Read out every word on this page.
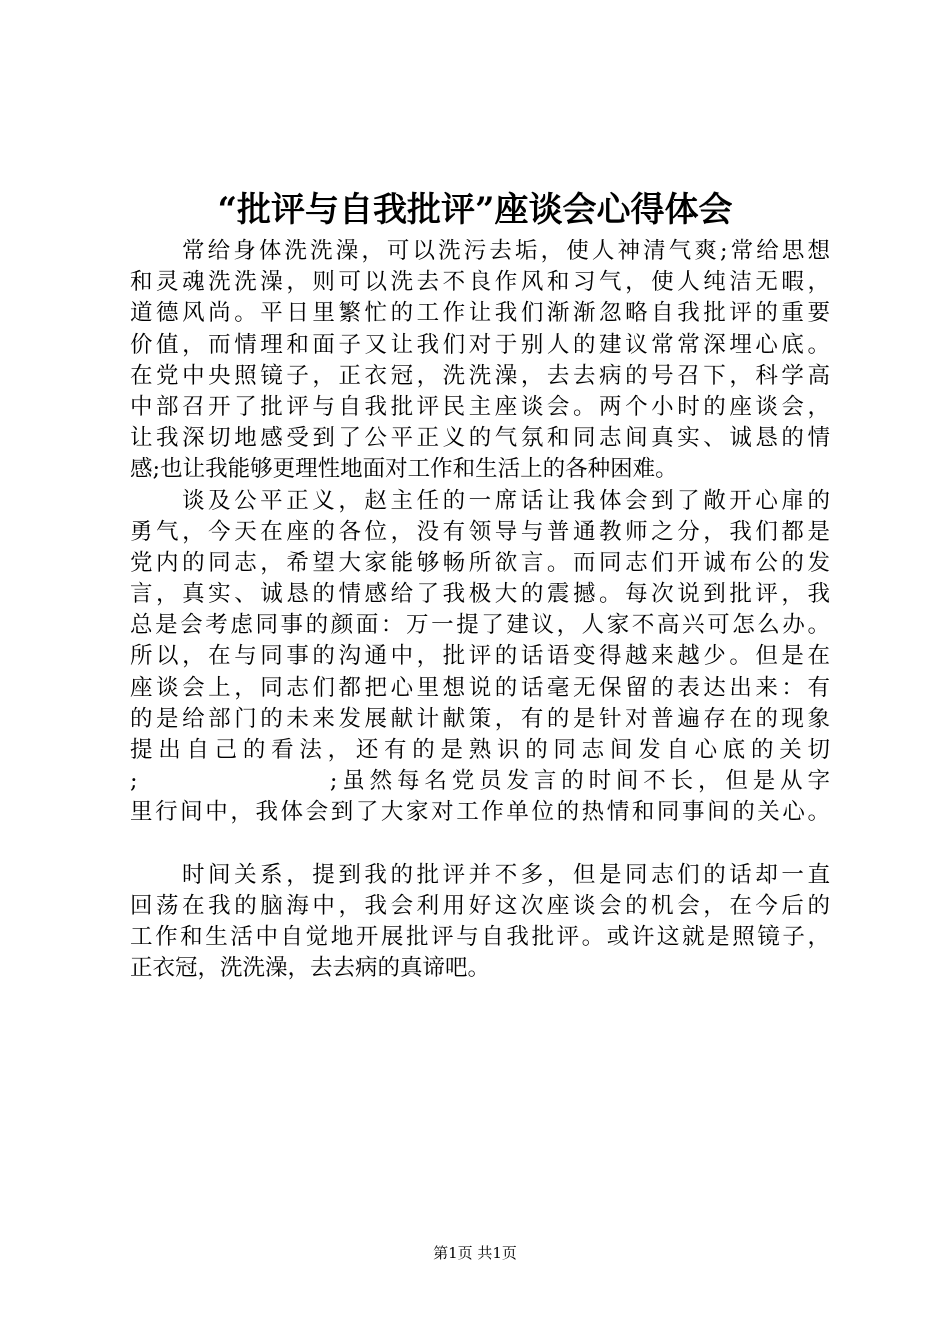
“批评与自我批评”座谈会心得体会
常给身体洗洗澡，可以洗污去垢，使人神清气爽;常给思想
和灵魂洗洗澡，则可以洗去不良作风和习气，使人纯洁无暇，
道德风尚。平日里繁忙的工作让我们渐渐忽略自我批评的重要
价值，而情理和面子又让我们对于别人的建议常常深埋心底。
在党中央照镜子，正衣冠，洗洗澡，去去病的号召下，科学高
中部召开了批评与自我批评民主座谈会。两个小时的座谈会，
让我深切地感受到了公平正义的气氛和同志间真实、诚恳的情
感;也让我能够更理性地面对工作和生活上的各种困难。
谈及公平正义，赵主任的一席话让我体会到了敞开心扉的
勇气，今天在座的各位，没有领导与普通教师之分，我们都是
党内的同志，希望大家能够畅所欲言。而同志们开诚布公的发
言，真实、诚恳的情感给了我极大的震撼。每次说到批评，我
总是会考虑同事的颜面：万一提了建议，人家不高兴可怎么办。
所以，在与同事的沟通中，批评的话语变得越来越少。但是在
座谈会上，同志们都把心里想说的话毫无保留的表达出来：有
的是给部门的未来发展献计献策，有的是针对普遍存在的现象
提出自己的看法，还有的是熟识的同志间发自心底的关切
;                ;虽然每名党员发言的时间不长，但是从字
里行间中，我体会到了大家对工作单位的热情和同事间的关心。
时间关系，提到我的批评并不多，但是同志们的话却一直
回荡在我的脑海中，我会利用好这次座谈会的机会，在今后的
工作和生活中自觉地开展批评与自我批评。或许这就是照镜子，
正衣冠，洗洗澡，去去病的真谛吧。
第1页 共1页
